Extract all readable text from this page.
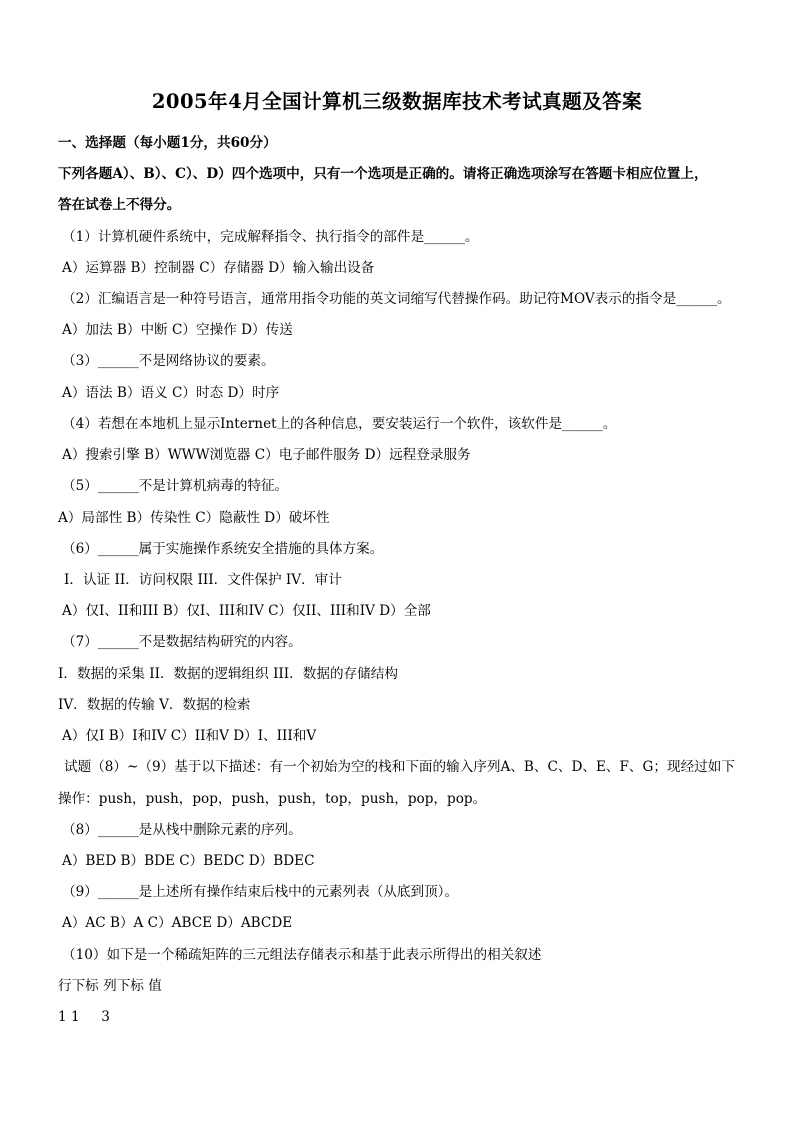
2005年4月全国计算机三级数据库技术考试真题及答案
一、选择题（每小题1分，共60分）
下列各题A）、B）、C）、D）四个选项中，只有一个选项是正确的。请将正确选项涂写在答题卡相应位置上，
答在试卷上不得分。
（1）计算机硬件系统中，完成解释指令、执行指令的部件是______。
A）运算器 B）控制器 C）存储器 D）输入输出设备
（2）汇编语言是一种符号语言，通常用指令功能的英文词缩写代替操作码。助记符MOV表示的指令是______。
A）加法 B）中断 C）空操作 D）传送
（3）______不是网络协议的要素。
A）语法 B）语义 C）时态 D）时序
（4）若想在本地机上显示Internet上的各种信息，要安装运行一个软件，该软件是______。
A）搜索引擎 B）WWW浏览器 C）电子邮件服务 D）远程登录服务
（5）______不是计算机病毒的特征。
A）局部性 B）传染性 C）隐蔽性 D）破坏性
（6）______属于实施操作系统安全措施的具体方案。
I．认证 II．访问权限 III．文件保护 IV．审计
A）仅I、II和III B）仅I、III和IV C）仅II、III和IV D）全部
（7）______不是数据结构研究的内容。
I．数据的采集 II．数据的逻辑组织 III．数据的存储结构
IV．数据的传输 V．数据的检索
A）仅I B）I和IV C）II和V D）I、III和V
试题（8）~（9）基于以下描述：有一个初始为空的栈和下面的输入序列A、B、C、D、E、F、G；现经过如下
操作：push，push，pop，push，push，top，push，pop，pop。
（8）______是从栈中删除元素的序列。
A）BED B）BDE C）BEDC D）BDEC
（9）______是上述所有操作结束后栈中的元素列表（从底到顶）。
A）AC B）A C）ABCE D）ABCDE
（10）如下是一个稀疏矩阵的三元组法存储表示和基于此表示所得出的相关叙述
行下标 列下标 值
1 1     3
